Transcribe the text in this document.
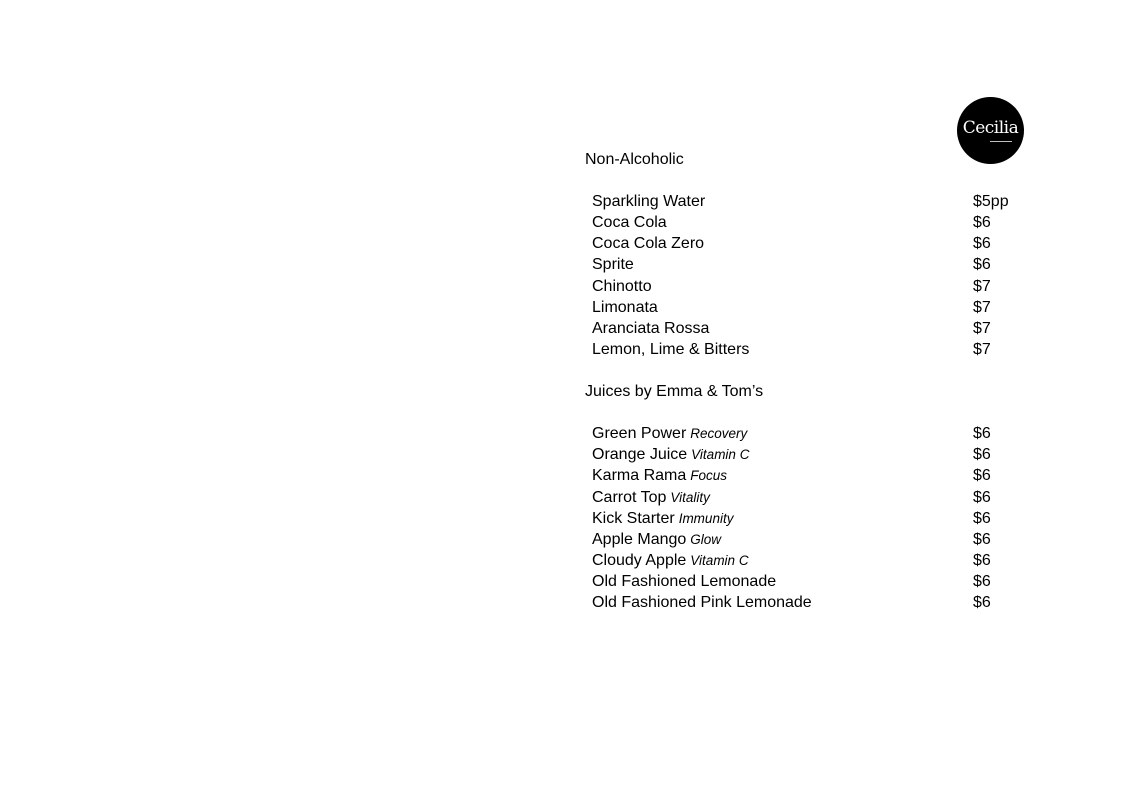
Cecilia
Non-Alcoholic
Sparkling Water	$5pp
Coca Cola	$6
Coca Cola Zero	$6
Sprite	$6
Chinotto	$7
Limonata	$7
Aranciata Rossa	$7
Lemon, Lime & Bitters	$7
Juices by Emma & Tom’s
Green Power Recovery	$6
Orange Juice Vitamin C	$6
Karma Rama Focus	$6
Carrot Top Vitality	$6
Kick Starter Immunity	$6
Apple Mango Glow	$6
Cloudy Apple Vitamin C	$6
Old Fashioned Lemonade	$6
Old Fashioned Pink Lemonade	$6
